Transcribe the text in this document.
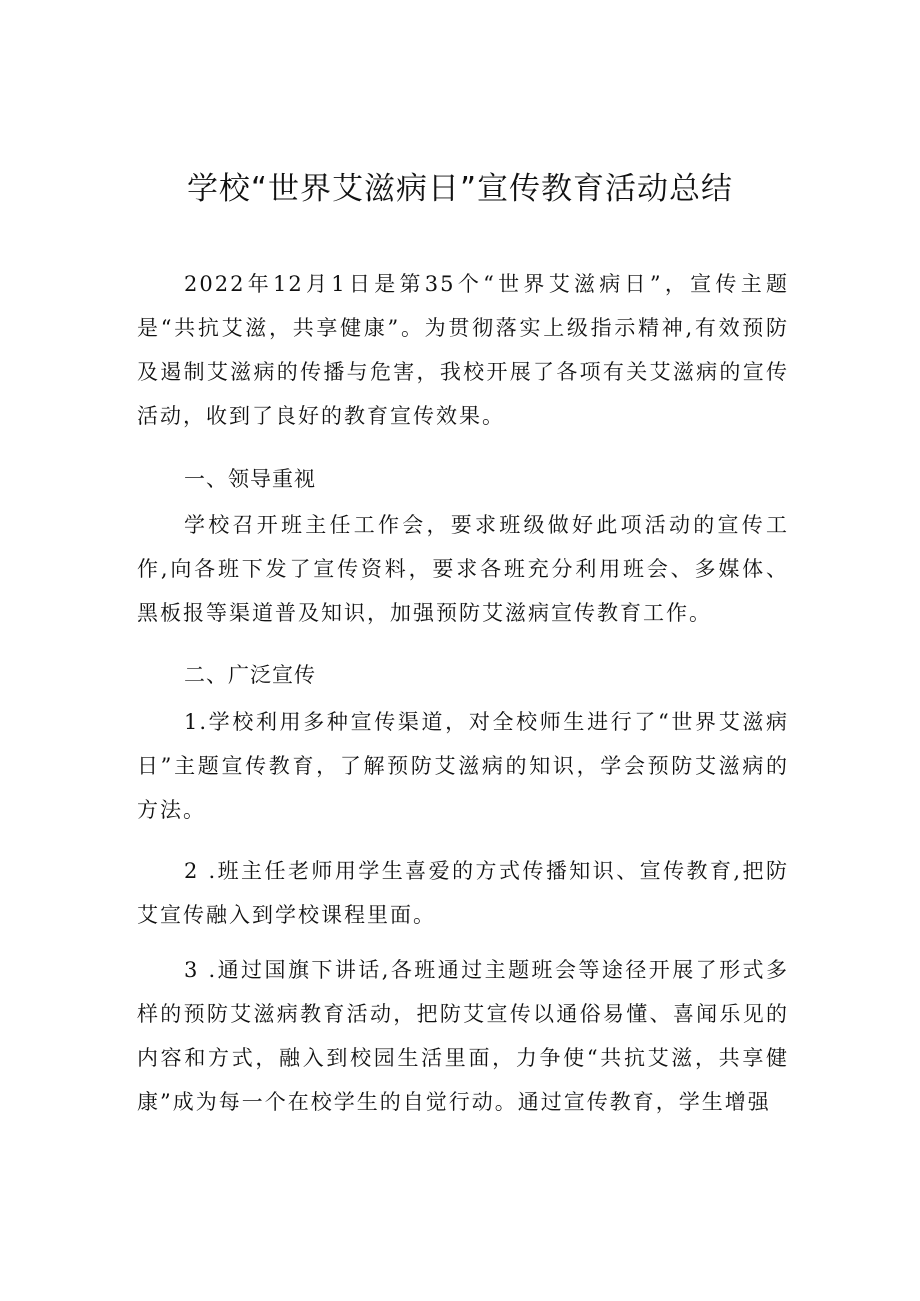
学校“世界艾滋病日”宣传教育活动总结

2022年12月1日是第35个“世界艾滋病日”，宣传主题是“共抗艾滋，共享健康”。为贯彻落实上级指示精神,有效预防及遏制艾滋病的传播与危害，我校开展了各项有关艾滋病的宣传活动，收到了良好的教育宣传效果。

一、领导重视

学校召开班主任工作会，要求班级做好此项活动的宣传工作,向各班下发了宣传资料，要求各班充分利用班会、多媒体、黑板报等渠道普及知识，加强预防艾滋病宣传教育工作。

二、广泛宣传

1.学校利用多种宣传渠道，对全校师生进行了“世界艾滋病日”主题宣传教育，了解预防艾滋病的知识，学会预防艾滋病的方法。

2 .班主任老师用学生喜爱的方式传播知识、宣传教育,把防艾宣传融入到学校课程里面。

3 .通过国旗下讲话,各班通过主题班会等途径开展了形式多样的预防艾滋病教育活动，把防艾宣传以通俗易懂、喜闻乐见的内容和方式，融入到校园生活里面，力争使“共抗艾滋，共享健康”成为每一个在校学生的自觉行动。通过宣传教育，学生增强
